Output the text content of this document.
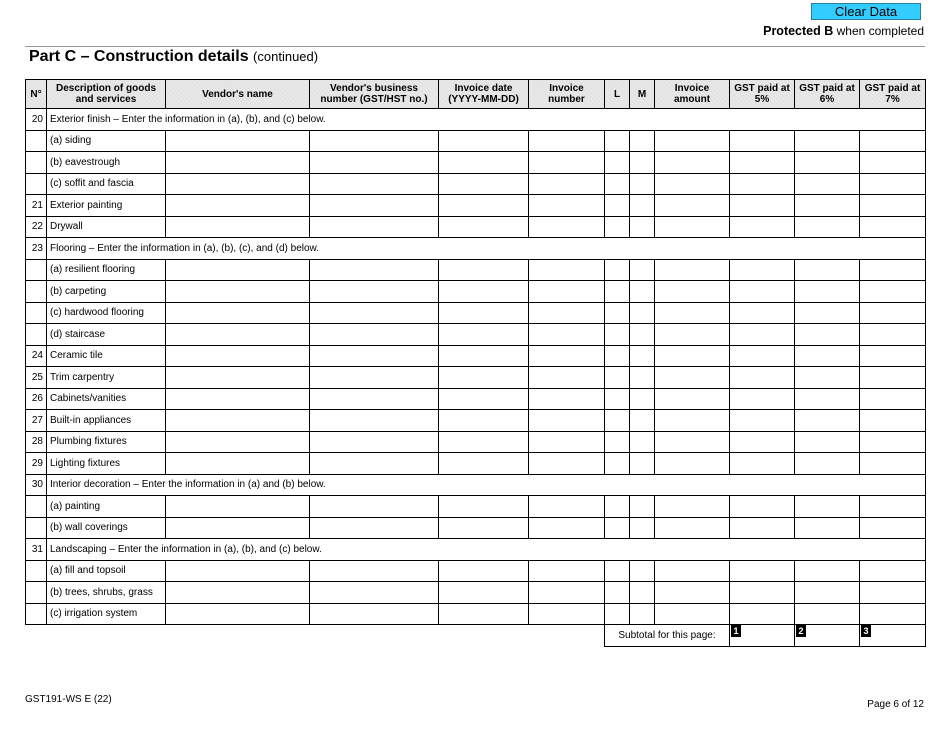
Clear Data
Protected B when completed
Part C – Construction details (continued)
N°	Description of goods and services	Vendor's name	Vendor's business number (GST/HST no.)	Invoice date (YYYY-MM-DD)	Invoice number	L	M	Invoice amount	GST paid at 5%	GST paid at 6%	GST paid at 7%
20	Exterior finish – Enter the information in (a), (b), and (c) below.										
	(a) siding										
	(b) eavestrough										
	(c) soffit and fascia										
21	Exterior painting										
22	Drywall										
23	Flooring – Enter the information in (a), (b), (c), and (d) below.										
	(a) resilient flooring										
	(b) carpeting										
	(c) hardwood flooring										
	(d) staircase										
24	Ceramic tile										
25	Trim carpentry										
26	Cabinets/vanities										
27	Built-in appliances										
28	Plumbing fixtures										
29	Lighting fixtures										
30	Interior decoration – Enter the information in (a) and (b) below.										
	(a) painting										
	(b) wall coverings										
31	Landscaping – Enter the information in (a), (b), and (c) below.										
	(a) fill and topsoil										
	(b) trees, shrubs, grass										
	(c) irrigation system										
						Subtotal for this page:			1	2	3
GST191-WS E (22)	Page 6 of 12
